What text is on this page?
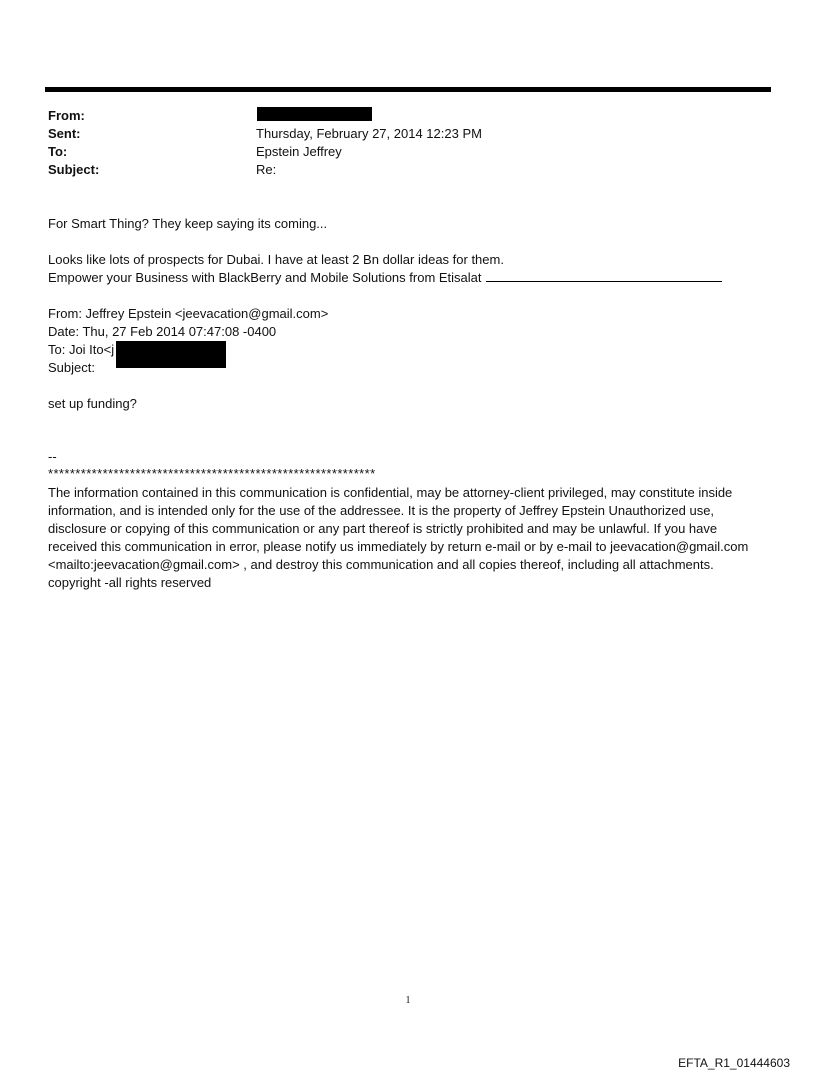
From:
Sent:	Thursday, February 27, 2014 12:23 PM
To:	Epstein Jeffrey
Subject:	Re:
For Smart Thing? They keep saying its coming...
Looks like lots of prospects for Dubai. I have at least 2 Bn dollar ideas for them.
Empower your Business with BlackBerry and Mobile Solutions from Etisalat
From: Jeffrey Epstein <jeevacation@gmail.com>
Date: Thu, 27 Feb 2014 07:47:08 -0400
To: Joi Ito<j
Subject:
set up funding?
--
************************************************************

The information contained in this communication is confidential, may be attorney-client privileged, may constitute inside information, and is intended only for the use of the addressee. It is the property of Jeffrey Epstein Unauthorized use, disclosure or copying of this communication or any part thereof is strictly prohibited and may be unlawful. If you have received this communication in error, please notify us immediately by return e-mail or by e-mail to jeevacation@gmail.com <mailto:jeevacation@gmail.com> , and destroy this communication and all copies thereof, including all attachments. copyright -all rights reserved

1
EFTA_R1_01444603
